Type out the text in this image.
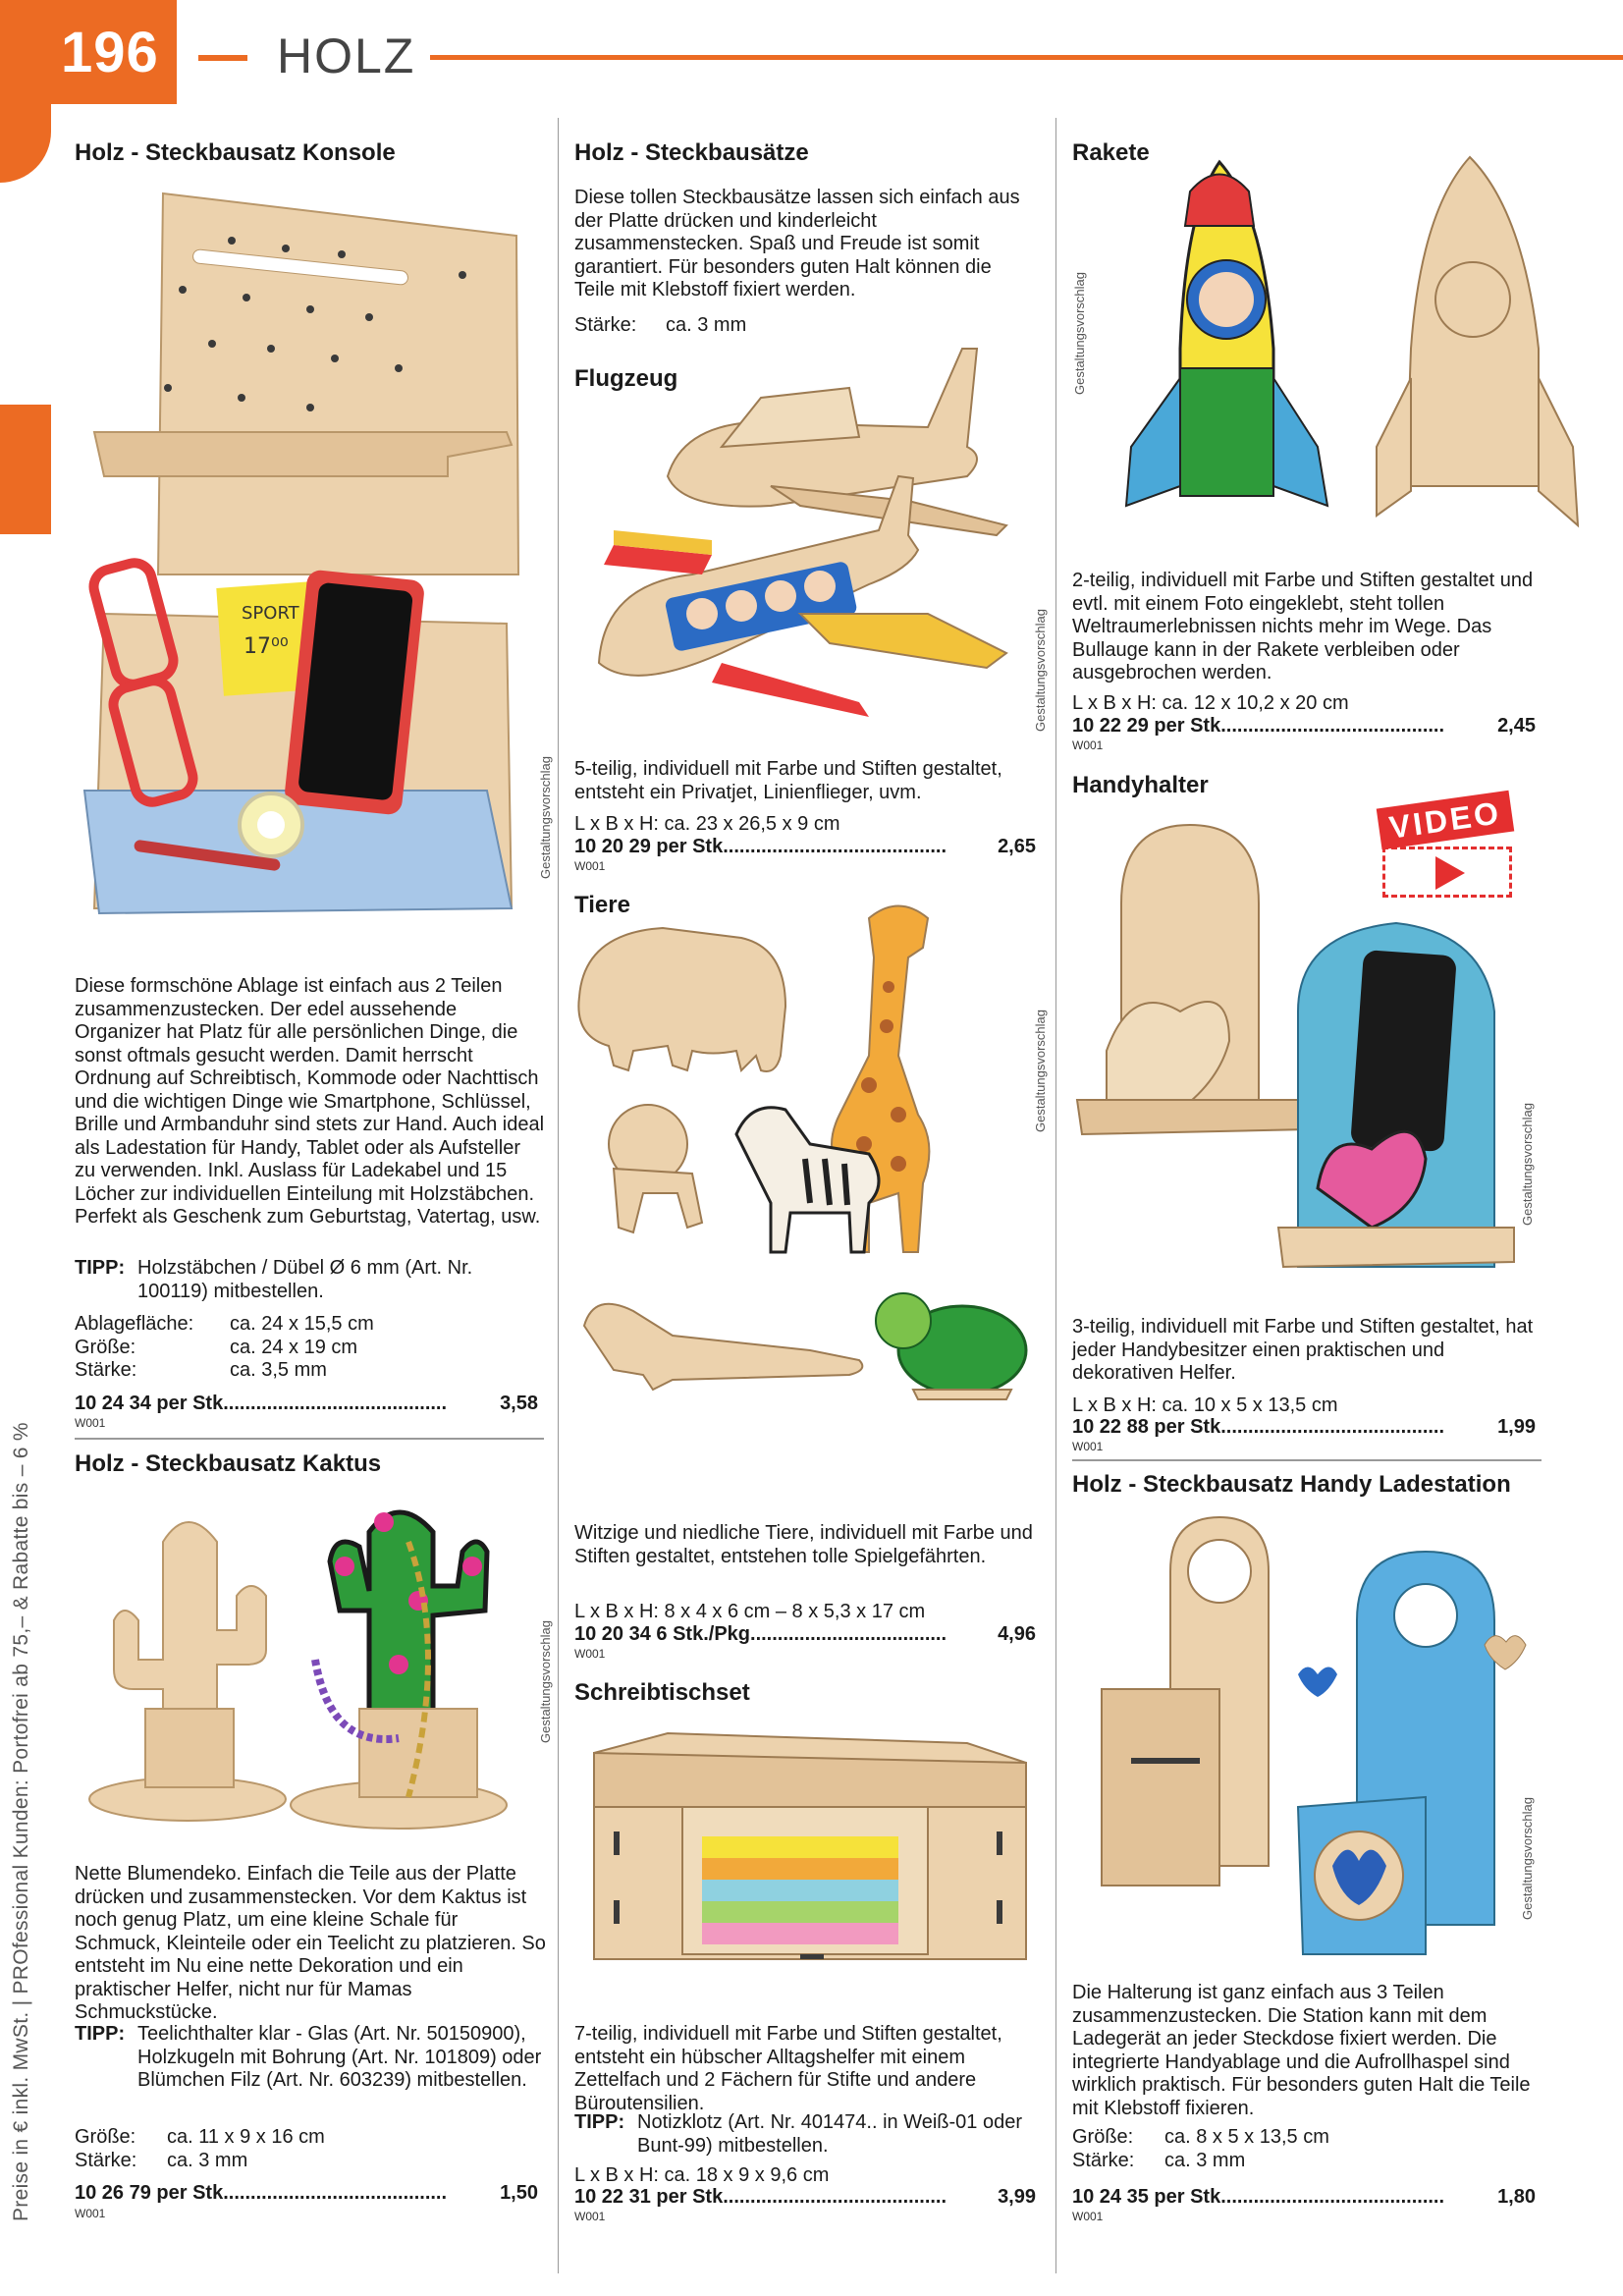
196	HOLZ
Preise in € inkl. MwSt. | PROfessional Kunden: Portofrei ab 75,– & Rabatte bis – 6 %
Holz - Steckbausatz Konsole
SPORT
17⁰⁰
Gestaltungsvorschlag
Diese formschöne Ablage ist einfach aus 2 Teilen zusammenzustecken. Der edel aussehende Organizer hat Platz für alle persönlichen Dinge, die sonst oftmals gesucht werden. Damit herrscht Ordnung auf Schreibtisch, Kommode oder Nachttisch und die wichtigen Dinge wie Smartphone, Schlüssel, Brille und Armbanduhr sind stets zur Hand. Auch ideal als Ladestation für Handy, Tablet oder als Aufsteller zu verwenden. Inkl. Auslass für Ladekabel und 15 Löcher zur individuellen Einteilung mit Holzstäbchen. Perfekt als Geschenk zum Geburtstag, Vatertag, usw.
TIPP: Holzstäbchen / Dübel Ø 6 mm (Art. Nr. 100119) mitbestellen.
Ablagefläche:	ca. 24 x 15,5 cm
Größe:	ca. 24 x 19 cm
Stärke:	ca. 3,5 mm
10 24 34 per Stk. ........................................	3,58
W001
Holz - Steckbausatz Kaktus
Gestaltungsvorschlag
Nette Blumendeko. Einfach die Teile aus der Platte drücken und zusammenstecken. Vor dem Kaktus ist noch genug Platz, um eine kleine Schale für Schmuck, Kleinteile oder ein Teelicht zu platzieren. So entsteht im Nu eine nette Dekoration und ein praktischer Helfer, nicht nur für Mamas Schmuckstücke.
TIPP: Teelichthalter klar - Glas (Art. Nr. 50150900), Holzkugeln mit Bohrung (Art. Nr. 101809) oder Blümchen Filz (Art. Nr. 603239) mitbestellen.
Größe:	ca. 11 x 9 x 16 cm
Stärke:	ca. 3 mm
10 26 79 per Stk. ........................................	1,50
W001
Holz - Steckbausätze
Diese tollen Steckbausätze lassen sich einfach aus der Platte drücken und kinderleicht zusammenstecken. Spaß und Freude ist somit garantiert. Für besonders guten Halt können die Teile mit Klebstoff fixiert werden.
Stärke:	ca. 3 mm
Flugzeug
Gestaltungsvorschlag
5-teilig, individuell mit Farbe und Stiften gestaltet, entsteht ein Privatjet, Linienflieger, uvm.
L x B x H: ca. 23 x 26,5 x 9 cm
10 20 29 per Stk. ........................................	2,65
W001
Tiere
Gestaltungsvorschlag
Witzige und niedliche Tiere, individuell mit Farbe und Stiften gestaltet, entstehen tolle Spielgefährten.
L x B x H: 8 x 4 x 6 cm – 8 x 5,3 x 17 cm
10 20 34 6 Stk./Pkg. ...................................	4,96
W001
Schreibtischset
7-teilig, individuell mit Farbe und Stiften gestaltet, entsteht ein hübscher Alltagshelfer mit einem Zettelfach und 2 Fächern für Stifte und andere Büroutensilien.
TIPP: Notizklotz (Art. Nr. 401474.. in Weiß-01 oder Bunt-99) mitbestellen.
L x B x H: ca. 18 x 9 x 9,6 cm
10 22 31 per Stk. ........................................	3,99
W001
Rakete
Gestaltungsvorschlag
2-teilig, individuell mit Farbe und Stiften gestaltet und evtl. mit einem Foto eingeklebt, steht tollen Weltraumerlebnissen nichts mehr im Wege. Das Bullauge kann in der Rakete verbleiben oder ausgebrochen werden.
L x B x H: ca. 12 x 10,2 x 20 cm
10 22 29 per Stk. ........................................	2,45
W001
Handyhalter
VIDEO
Gestaltungsvorschlag
3-teilig, individuell mit Farbe und Stiften gestaltet, hat jeder Handybesitzer einen praktischen und dekorativen Helfer.
L x B x H: ca. 10 x 5 x 13,5 cm
10 22 88 per Stk. ........................................	1,99
W001
Holz - Steckbausatz Handy Ladestation
Gestaltungsvorschlag
Die Halterung ist ganz einfach aus 3 Teilen zusammenzustecken. Die Station kann mit dem Ladegerät an jeder Steckdose fixiert werden. Die integrierte Handyablage und die Aufrollhaspel sind wirklich praktisch. Für besonders guten Halt die Teile mit Klebstoff fixieren.
Größe:	ca. 8 x 5 x 13,5 cm
Stärke:	ca. 3 mm
10 24 35 per Stk. ........................................	1,80
W001
